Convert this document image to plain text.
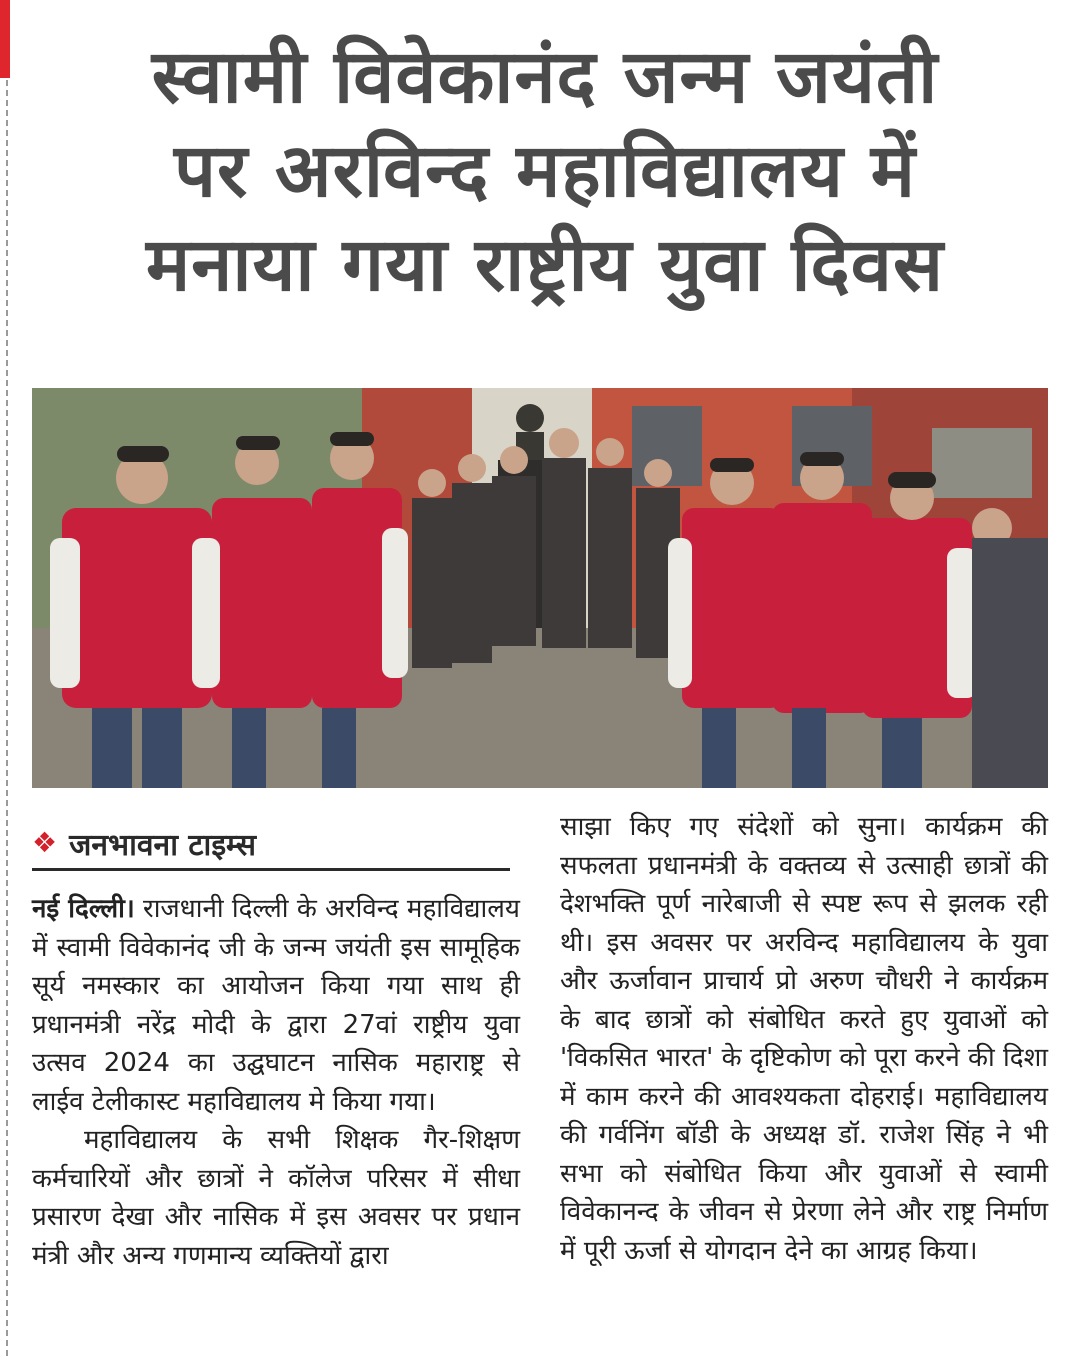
स्वामी विवेकानंद जन्म जयंती
पर अरविन्द महाविद्यालय में
मनाया गया राष्ट्रीय युवा दिवस
❖ जनभावना टाइम्स

नई दिल्ली। राजधानी दिल्ली के अरविन्द महाविद्यालय में स्वामी विवेकानंद जी के जन्म जयंती इस सामूहिक सूर्य नमस्कार का आयोजन किया गया साथ ही प्रधानमंत्री नरेंद्र मोदी के द्वारा 27वां राष्ट्रीय युवा उत्सव 2024 का उद्घघाटन नासिक महाराष्ट्र से लाईव टेलीकास्ट महाविद्यालय मे किया गया।

महाविद्यालय के सभी शिक्षक गैर-शिक्षण कर्मचारियों और छात्रों ने कॉलेज परिसर में सीधा प्रसारण देखा और नासिक में इस अवसर पर प्रधान मंत्री और अन्य गणमान्य व्यक्तियों द्वारा

साझा किए गए संदेशों को सुना। कार्यक्रम की सफलता प्रधानमंत्री के वक्तव्य से उत्साही छात्रों की देशभक्ति पूर्ण नारेबाजी से स्पष्ट रूप से झलक रही थी। इस अवसर पर अरविन्द महाविद्यालय के युवा और ऊर्जावान प्राचार्य प्रो अरुण चौधरी ने कार्यक्रम के बाद छात्रों को संबोधित करते हुए युवाओं को 'विकसित भारत' के दृष्टिकोण को पूरा करने की दिशा में काम करने की आवश्यकता दोहराई। महाविद्यालय की गर्वनिंग बॉडी के अध्यक्ष डॉ. राजेश सिंह ने भी सभा को संबोधित किया और युवाओं से स्वामी विवेकानन्द के जीवन से प्रेरणा लेने और राष्ट्र निर्माण में पूरी ऊर्जा से योगदान देने का आग्रह किया।
